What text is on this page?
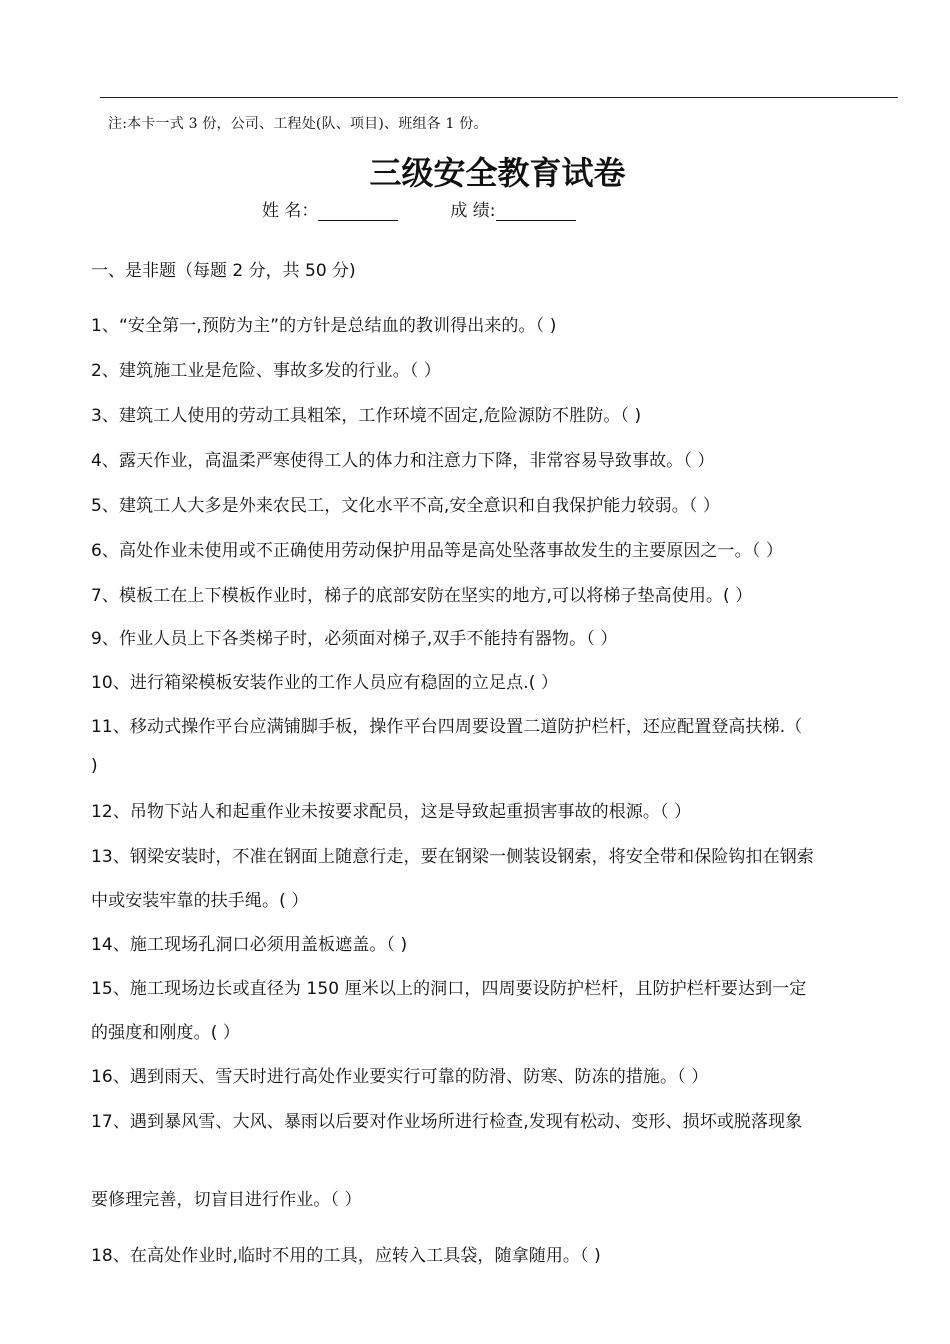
注:本卡一式 3 份，公司、工程处(队、项目)、班组各 1 份。
三级安全教育试卷
姓 名：	成 绩:
一、是非题（每题 2 分，共 50 分)
1、“安全第一,预防为主”的方针是总结血的教训得出来的。（ )
2、建筑施工业是危险、事故多发的行业。（ ）
3、建筑工人使用的劳动工具粗笨，工作环境不固定,危险源防不胜防。（ )
4、露天作业，高温柔严寒使得工人的体力和注意力下降，非常容易导致事故。（ ）
5、建筑工人大多是外来农民工，文化水平不高,安全意识和自我保护能力较弱。（ ）
6、高处作业未使用或不正确使用劳动保护用品等是高处坠落事故发生的主要原因之一。（ ）
7、模板工在上下模板作业时，梯子的底部安防在坚实的地方,可以将梯子垫高使用。( ）
9、作业人员上下各类梯子时，必须面对梯子,双手不能持有器物。（ ）
10、进行箱梁模板安装作业的工作人员应有稳固的立足点.( ）
11、移动式操作平台应满铺脚手板，操作平台四周要设置二道防护栏杆，还应配置登高扶梯.（
)
12、吊物下站人和起重作业未按要求配员，这是导致起重损害事故的根源。（ ）
13、钢梁安装时，不准在钢面上随意行走，要在钢梁一侧装设钢索，将安全带和保险钩扣在钢索
中或安装牢靠的扶手绳。( ）
14、施工现场孔洞口必须用盖板遮盖。（ )
15、施工现场边长或直径为 150 厘米以上的洞口，四周要设防护栏杆，且防护栏杆要达到一定
的强度和刚度。( ）
16、遇到雨天、雪天时进行高处作业要实行可靠的防滑、防寒、防冻的措施。（ ）
17、遇到暴风雪、大风、暴雨以后要对作业场所进行检查,发现有松动、变形、损坏或脱落现象
要修理完善，切盲目进行作业。（ ）
18、在高处作业时,临时不用的工具，应转入工具袋，随拿随用。（ )
